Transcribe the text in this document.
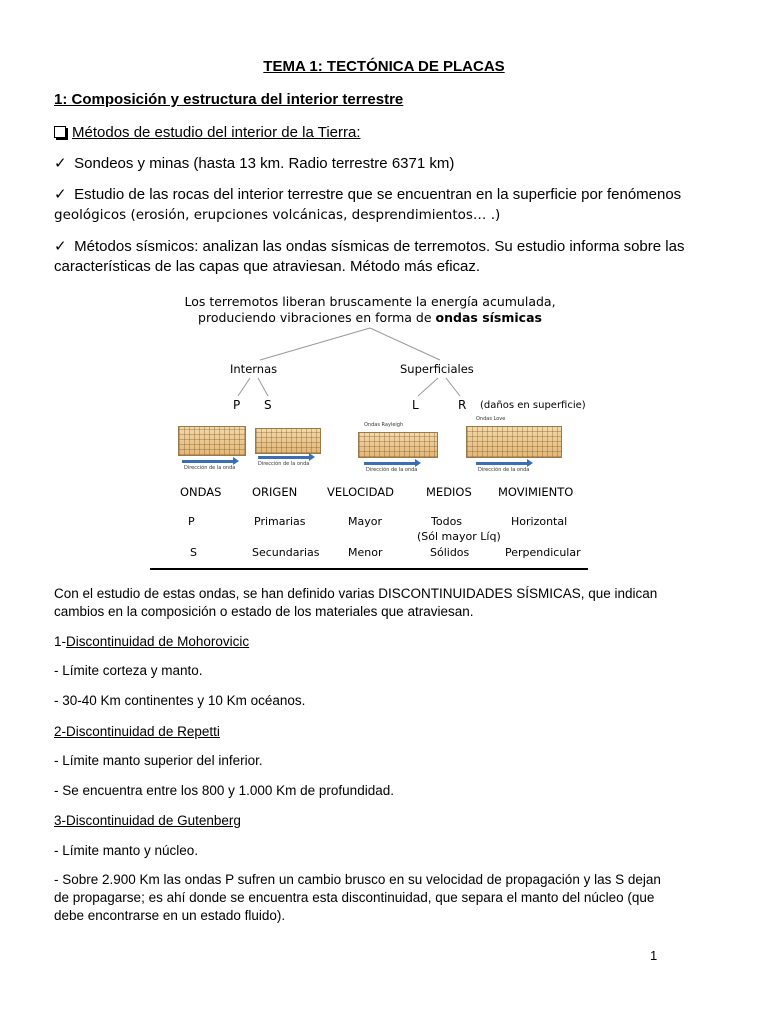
TEMA 1: TECTÓNICA DE PLACAS
1: Composición y estructura del interior terrestre
Métodos de estudio del interior de la Tierra:
✓ Sondeos y minas (hasta 13 km. Radio terrestre 6371 km)
✓ Estudio de las rocas del interior terrestre que se encuentran en la superficie por fenómenos
geológicos (erosión, erupciones volcánicas, desprendimientos… .)
✓ Métodos sísmicos: analizan las ondas sísmicas de terremotos. Su estudio informa sobre las
características de las capas que atraviesan. Método más eficaz.
Los terremotos liberan bruscamente la energía acumulada,
produciendo vibraciones en forma de ondas sísmicas
Internas	Superficiales
P S	L	R (daños en superficie)
Ondas Rayleigh
Ondas Love
Dirección de la onda
Dirección de la onda
Dirección de la onda	Dirección de la onda
ONDAS	ORIGEN	VELOCIDAD	MEDIOS MOVIMIENTO
P	Primarias	Mayor	Todos	Horizontal
(Sól mayor Líq)
S	Secundarias	Menor	Sólidos	Perpendicular
Con el estudio de estas ondas, se han definido varias DISCONTINUIDADES SÍSMICAS, que indican
cambios en la composición o estado de los materiales que atraviesan.
1-Discontinuidad de Mohorovicic
- Límite corteza y manto.
- 30-40 Km continentes y 10 Km océanos.
2-Discontinuidad de Repetti
- Límite manto superior del inferior.
- Se encuentra entre los 800 y 1.000 Km de profundidad.
3-Discontinuidad de Gutenberg
- Límite manto y núcleo.
- Sobre 2.900 Km las ondas P sufren un cambio brusco en su velocidad de propagación y las S dejan
de propagarse; es ahí donde se encuentra esta discontinuidad, que separa el manto del núcleo (que
debe encontrarse en un estado fluido).
1
